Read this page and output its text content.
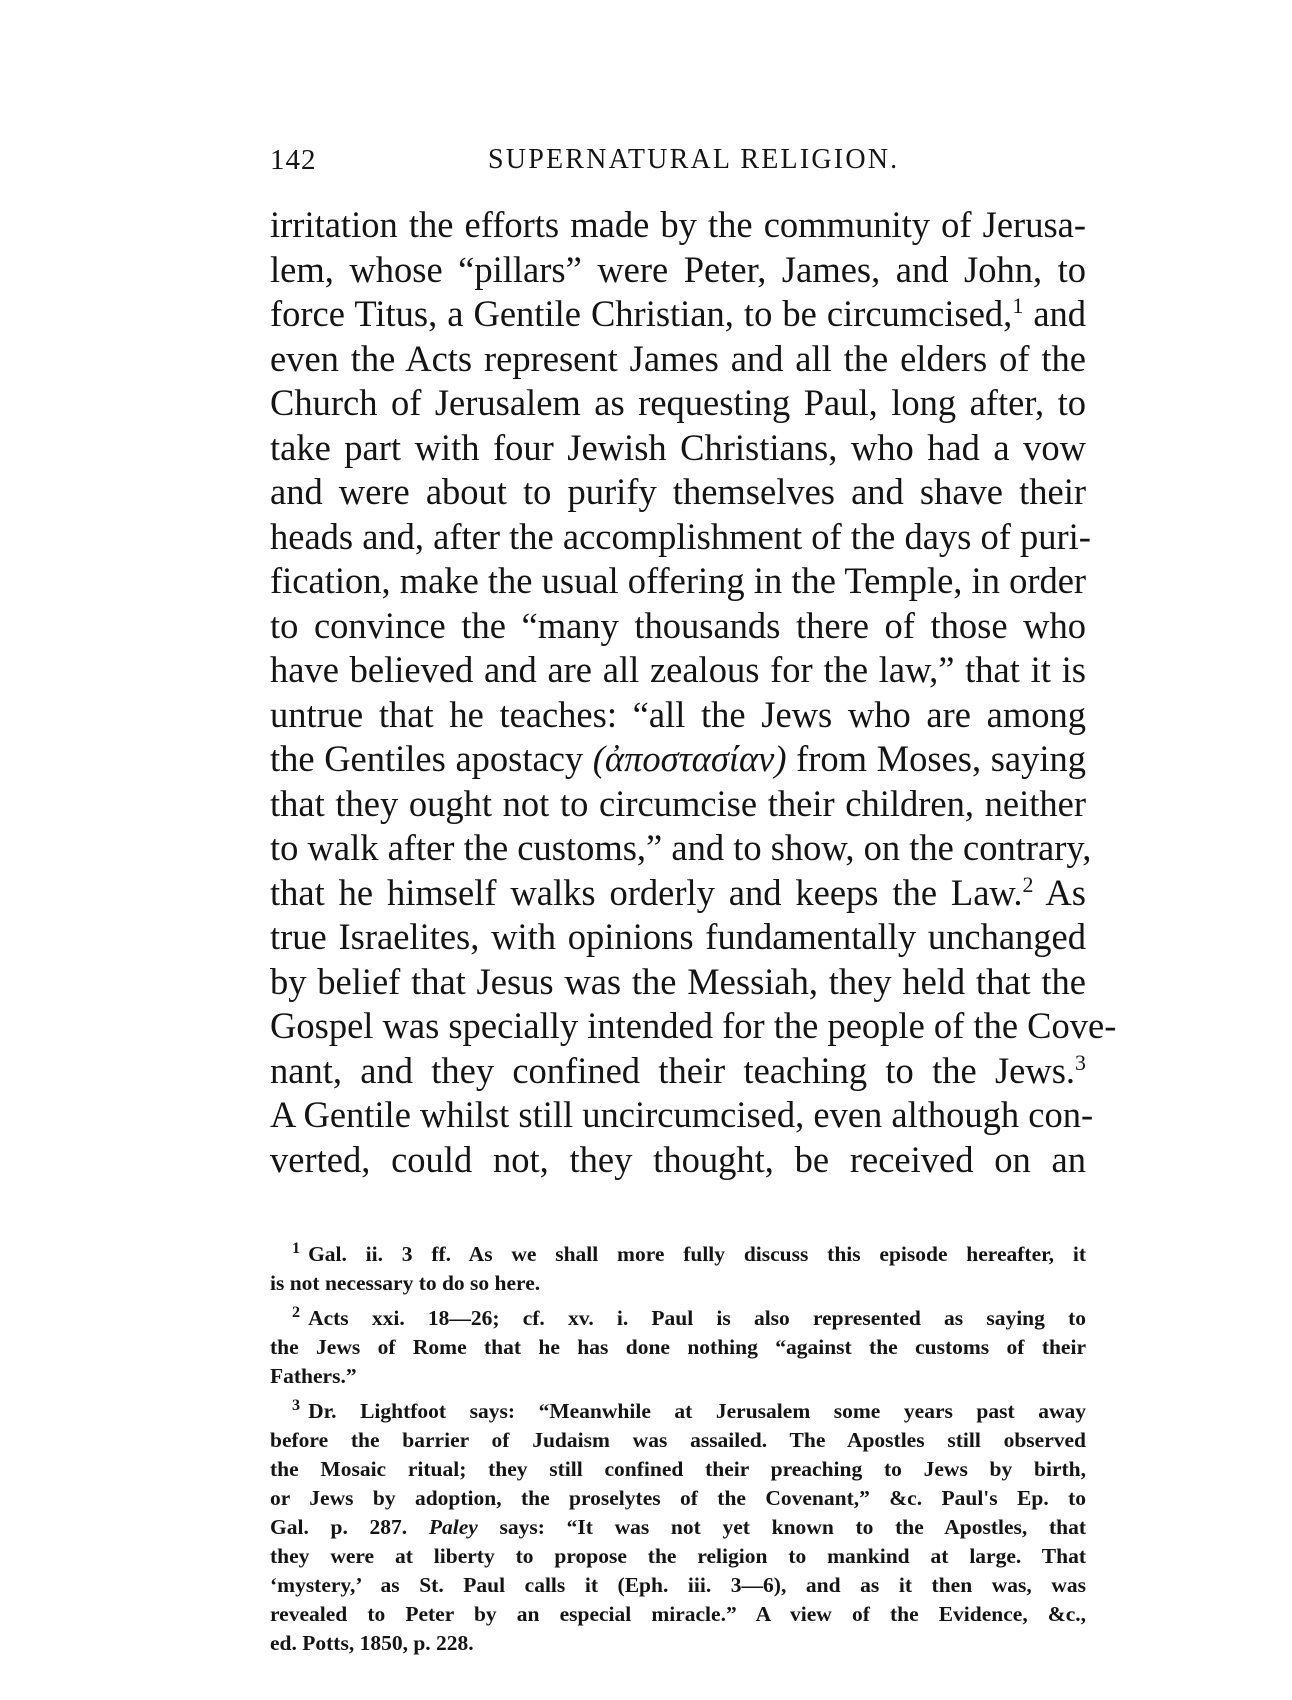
142	SUPERNATURAL RELIGION.
irritation the efforts made by the community of Jerusa-
lem, whose “pillars” were Peter, James, and John, to
force Titus, a Gentile Christian, to be circumcised,$^1$ and
even the Acts represent James and all the elders of the
Church of Jerusalem as requesting Paul, long after, to
take part with four Jewish Christians, who had a vow
and were about to purify themselves and shave their
heads and, after the accomplishment of the days of puri-
fication, make the usual offering in the Temple, in order
to convince the “many thousands there of those who
have believed and are all zealous for the law,” that it is
untrue that he teaches: “all the Jews who are among
the Gentiles apostacy (ἀποστασίαν) from Moses, saying
that they ought not to circumcise their children, neither
to walk after the customs,” and to show, on the contrary,
that he himself walks orderly and keeps the Law.$^2$ As
true Israelites, with opinions fundamentally unchanged
by belief that Jesus was the Messiah, they held that the
Gospel was specially intended for the people of the Cove-
nant, and they confined their teaching to the Jews.$^3$
A Gentile whilst still uncircumcised, even although con-
verted, could not, they thought, be received on an
$^1$ Gal. ii. 3 ff. As we shall more fully discuss this episode hereafter, it
is not necessary to do so here.
$^2$ Acts xxi. 18—26; cf. xv. i. Paul is also represented as saying to
the Jews of Rome that he has done nothing “against the customs of their
Fathers.”
$^3$ Dr. Lightfoot says: “Meanwhile at Jerusalem some years past away
before the barrier of Judaism was assailed. The Apostles still observed
the Mosaic ritual; they still confined their preaching to Jews by birth,
or Jews by adoption, the proselytes of the Covenant,” &c. Paul's Ep. to
Gal. p. 287. Paley says: “It was not yet known to the Apostles, that
they were at liberty to propose the religion to mankind at large. That
‘mystery,’ as St. Paul calls it (Eph. iii. 3—6), and as it then was, was
revealed to Peter by an especial miracle.” A view of the Evidence, &c.,
ed. Potts, 1850, p. 228.
